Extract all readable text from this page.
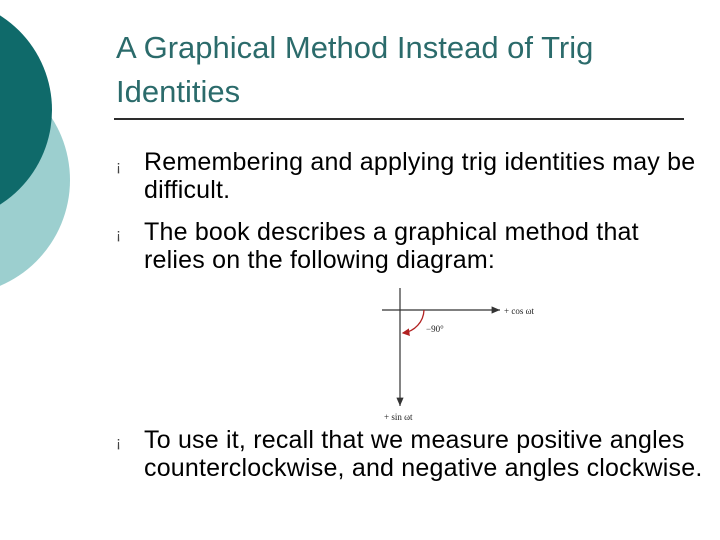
A Graphical Method Instead of Trig Identities
¡ Remembering and applying trig identities may be difficult.
¡ The book describes a graphical method that relies on the following diagram:
+ cos ωt
+ sin ωt
−90°
¡ To use it, recall that we measure positive angles counterclockwise, and negative angles clockwise.
